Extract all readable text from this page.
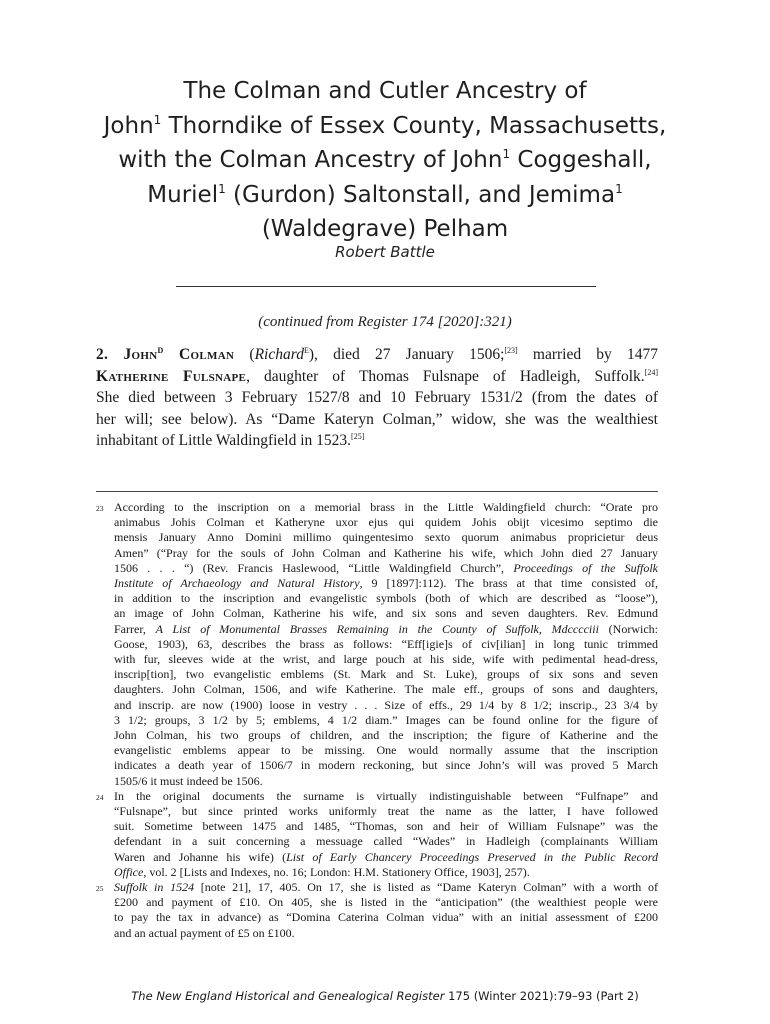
The Colman and Cutler Ancestry of
John$^1$ Thorndike of Essex County, Massachusetts,
with the Colman Ancestry of John$^1$ Coggeshall,
Muriel$^1$ (Gurdon) Saltonstall, and Jemima$^1$
(Waldegrave) Pelham
Robert Battle
(continued from Register 174 [2020]:321)
2. John$^D$ Colman (Richard$^E$), died 27 January 1506;[23] married by 1477
Katherine Fulsnape, daughter of Thomas Fulsnape of Hadleigh, Suffolk.[24]
She died between 3 February 1527/8 and 10 February 1531/2 (from the dates of
her will; see below). As “Dame Kateryn Colman,” widow, she was the wealthiest
inhabitant of Little Waldingfield in 1523.[25]
23 According to the inscription on a memorial brass in the Little Waldingfield church: “Orate pro
animabus Johis Colman et Katheryne uxor ejus qui quidem Johis obijt vicesimo septimo die
mensis January Anno Domini millimo quingentesimo sexto quorum animabus propricietur deus
Amen” (“Pray for the souls of John Colman and Katherine his wife, which John died 27 January
1506 . . . “) (Rev. Francis Haslewood, “Little Waldingfield Church”, Proceedings of the Suffolk
Institute of Archaeology and Natural History, 9 [1897]:112). The brass at that time consisted of,
in addition to the inscription and evangelistic symbols (both of which are described as “loose”),
an image of John Colman, Katherine his wife, and six sons and seven daughters. Rev. Edmund
Farrer, A List of Monumental Brasses Remaining in the County of Suffolk, Mdcccciii (Norwich:
Goose, 1903), 63, describes the brass as follows: “Eff[igie]s of civ[ilian] in long tunic trimmed
with fur, sleeves wide at the wrist, and large pouch at his side, wife with pedimental head-dress,
inscrip[tion], two evangelistic emblems (St. Mark and St. Luke), groups of six sons and seven
daughters. John Colman, 1506, and wife Katherine. The male eff., groups of sons and daughters,
and inscrip. are now (1900) loose in vestry . . . Size of effs., 29 1/4 by 8 1/2; inscrip., 23 3/4 by
3 1/2; groups, 3 1/2 by 5; emblems, 4 1/2 diam.” Images can be found online for the figure of
John Colman, his two groups of children, and the inscription; the figure of Katherine and the
evangelistic emblems appear to be missing. One would normally assume that the inscription
indicates a death year of 1506/7 in modern reckoning, but since John’s will was proved 5 March
1505/6 it must indeed be 1506.
24 In the original documents the surname is virtually indistinguishable between “Fulfnape” and
“Fulsnape”, but since printed works uniformly treat the name as the latter, I have followed
suit. Sometime between 1475 and 1485, “Thomas, son and heir of William Fulsnape” was the
defendant in a suit concerning a messuage called “Wades” in Hadleigh (complainants William
Waren and Johanne his wife) (List of Early Chancery Proceedings Preserved in the Public Record
Office, vol. 2 [Lists and Indexes, no. 16; London: H.M. Stationery Office, 1903], 257).
25 Suffolk in 1524 [note 21], 17, 405. On 17, she is listed as “Dame Kateryn Colman” with a worth of
£200 and payment of £10. On 405, she is listed in the “anticipation” (the wealthiest people were
to pay the tax in advance) as “Domina Caterina Colman vidua” with an initial assessment of £200
and an actual payment of £5 on £100.
The New England Historical and Genealogical Register 175 (Winter 2021):79–93 (Part 2)
